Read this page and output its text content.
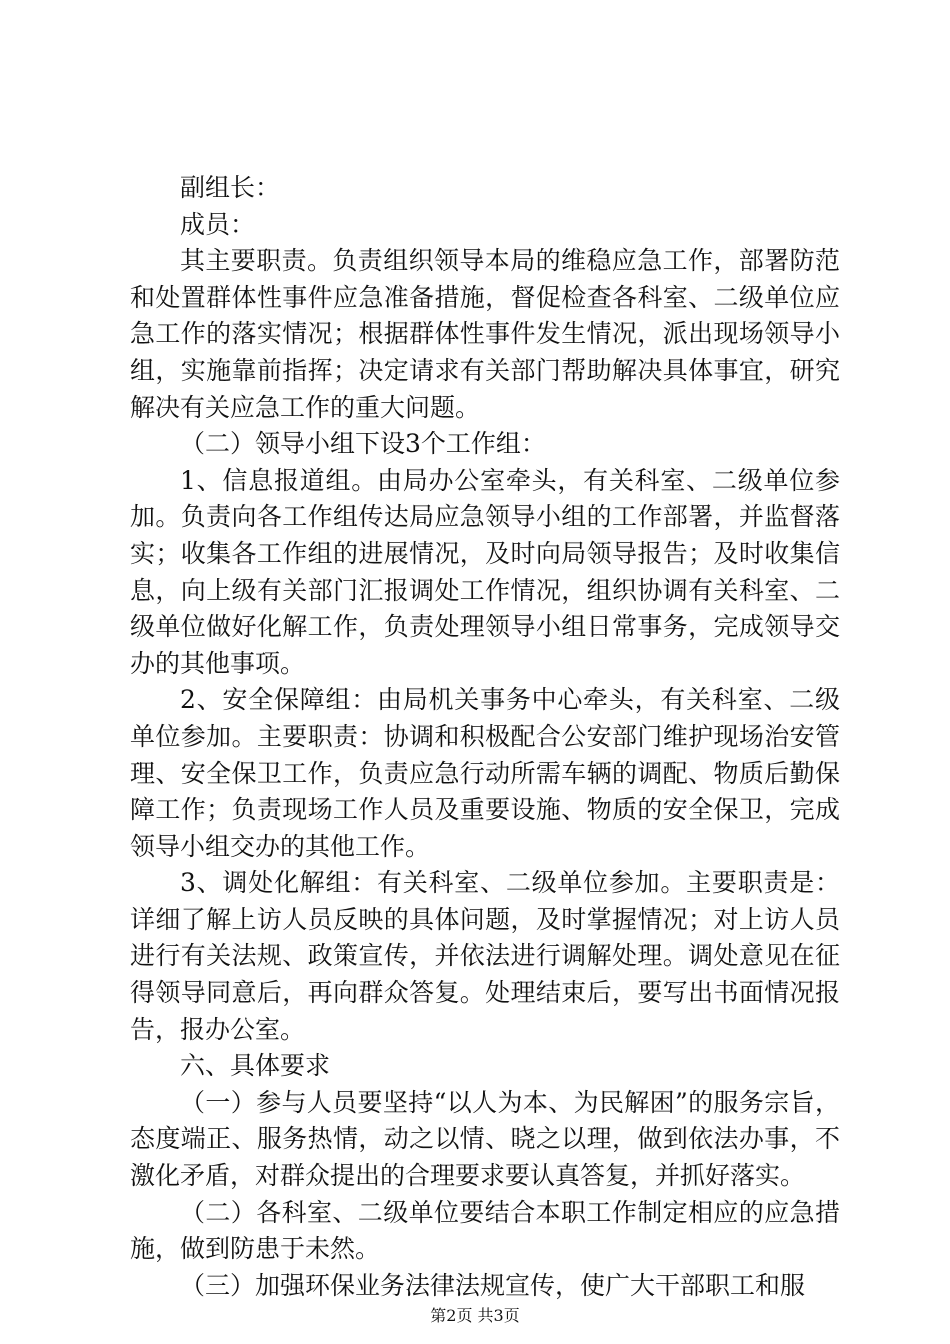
副组长：

成员：

其主要职责。负责组织领导本局的维稳应急工作，部署防范和处置群体性事件应急准备措施，督促检查各科室、二级单位应急工作的落实情况；根据群体性事件发生情况，派出现场领导小组，实施靠前指挥；决定请求有关部门帮助解决具体事宜，研究解决有关应急工作的重大问题。

（二）领导小组下设3个工作组：

1、信息报道组。由局办公室牵头，有关科室、二级单位参加。负责向各工作组传达局应急领导小组的工作部署，并监督落实；收集各工作组的进展情况，及时向局领导报告；及时收集信息，向上级有关部门汇报调处工作情况，组织协调有关科室、二级单位做好化解工作，负责处理领导小组日常事务，完成领导交办的其他事项。

2、安全保障组：由局机关事务中心牵头，有关科室、二级单位参加。主要职责：协调和积极配合公安部门维护现场治安管理、安全保卫工作，负责应急行动所需车辆的调配、物质后勤保障工作；负责现场工作人员及重要设施、物质的安全保卫，完成领导小组交办的其他工作。

3、调处化解组：有关科室、二级单位参加。主要职责是：详细了解上访人员反映的具体问题，及时掌握情况；对上访人员进行有关法规、政策宣传，并依法进行调解处理。调处意见在征得领导同意后，再向群众答复。处理结束后，要写出书面情况报告，报办公室。

六、具体要求

（一）参与人员要坚持“以人为本、为民解困”的服务宗旨，态度端正、服务热情，动之以情、晓之以理，做到依法办事，不激化矛盾，对群众提出的合理要求要认真答复，并抓好落实。

（二）各科室、二级单位要结合本职工作制定相应的应急措施，做到防患于未然。

（三）加强环保业务法律法规宣传，使广大干部职工和服

第2页 共3页
